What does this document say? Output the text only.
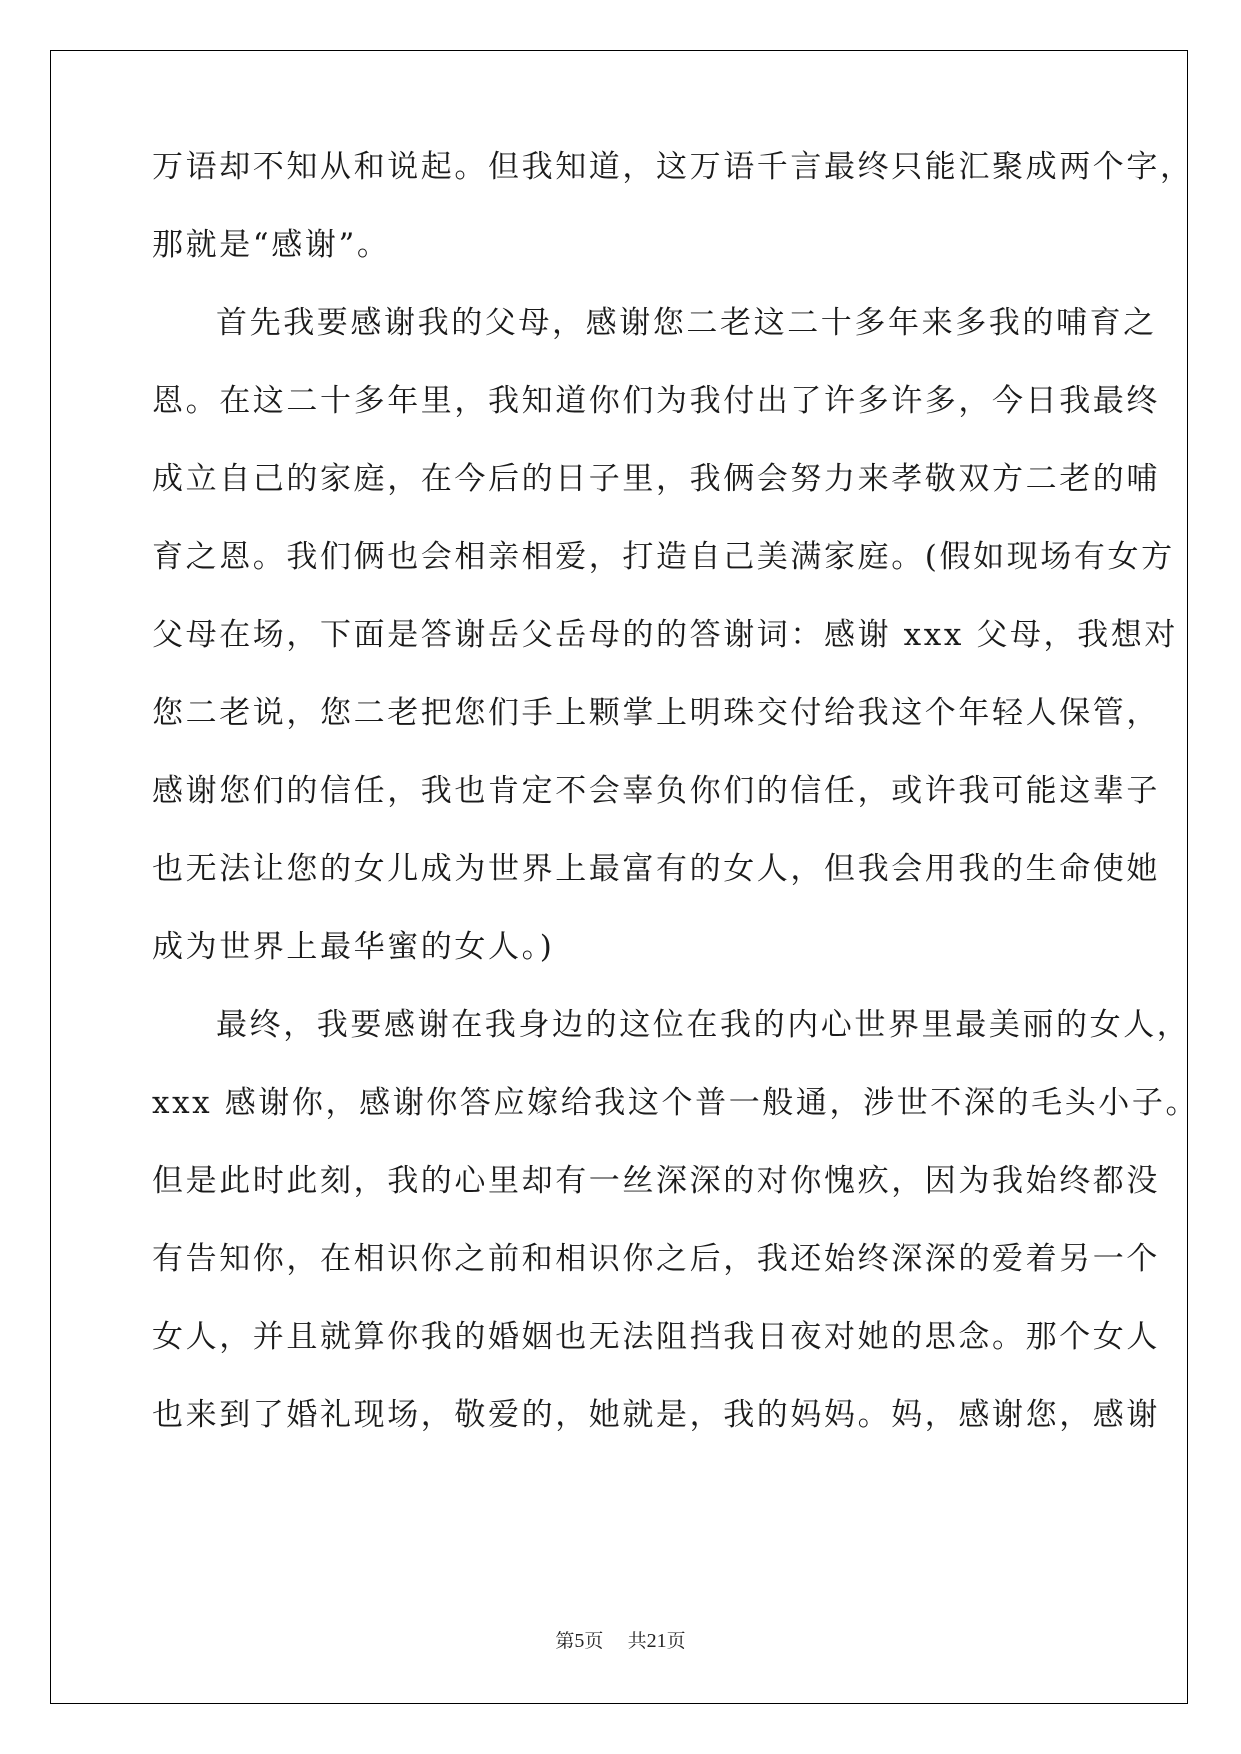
万语却不知从和说起。但我知道，这万语千言最终只能汇聚成两个字，
那就是“感谢”。
首先我要感谢我的父母，感谢您二老这二十多年来多我的哺育之
恩。在这二十多年里，我知道你们为我付出了许多许多，今日我最终
成立自己的家庭，在今后的日子里，我俩会努力来孝敬双方二老的哺
育之恩。我们俩也会相亲相爱，打造自己美满家庭。(假如现场有女方
父母在场，下面是答谢岳父岳母的的答谢词：感谢 xxx 父母，我想对
您二老说，您二老把您们手上颗掌上明珠交付给我这个年轻人保管，
感谢您们的信任，我也肯定不会辜负你们的信任，或许我可能这辈子
也无法让您的女儿成为世界上最富有的女人，但我会用我的生命使她
成为世界上最华蜜的女人。)
最终，我要感谢在我身边的这位在我的内心世界里最美丽的女人，
xxx 感谢你，感谢你答应嫁给我这个普一般通，涉世不深的毛头小子。
但是此时此刻，我的心里却有一丝深深的对你愧疚，因为我始终都没
有告知你，在相识你之前和相识你之后，我还始终深深的爱着另一个
女人，并且就算你我的婚姻也无法阻挡我日夜对她的思念。那个女人
也来到了婚礼现场，敬爱的，她就是，我的妈妈。妈，感谢您，感谢
第5页 共21页
